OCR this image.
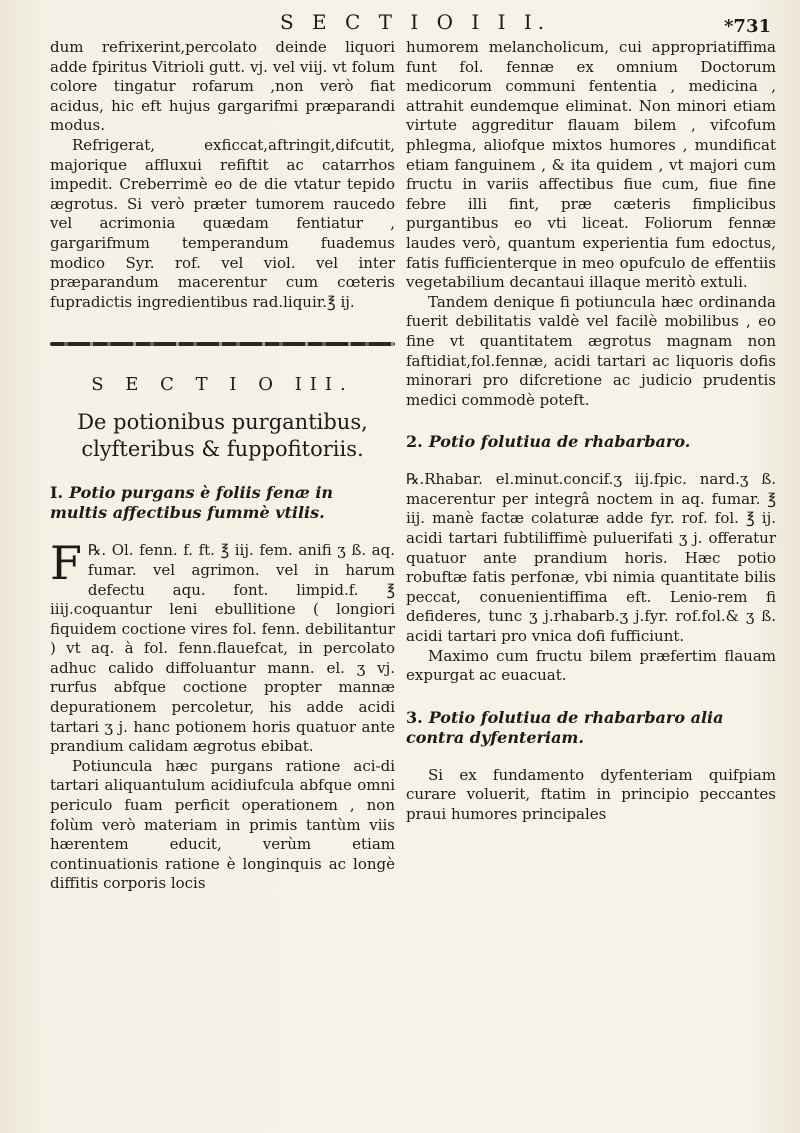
S E C T I O I I I.	*731

dum refrixerint,percolato deinde liquori adde fpiritus Vitrioli gutt. vj. vel viij. vt folum colore tingatur rofarum ,non verò fiat acidus, hic eft hujus gargarifmi præparandi modus.

Refrigerat, exficcat,aftringit,difcutit, majorique affluxui refiftit ac catarrhos impedit. Creberrimè eo de die vtatur tepido ægrotus. Si verò præter tumorem raucedo vel acrimonia quædam fentiatur , gargarifmum temperandum fuademus modico Syr. rof. vel viol. vel inter præparandum macerentur cum cœteris fupradictis ingredientibus rad.liquir.℥ ij.

S E C T I O III.

De potionibus purgantibus, clyfteribus & fuppofitoriis.

I. Potio purgans è foliis fenæ in multis affectibus fummè vtilis.

F ℞. Ol. fenn. f. ft. ℥ iij. fem. anifi ʒ ß. aq. fumar. vel agrimon. vel in harum defectu aqu. font. limpid.f. ℥ iiij.coquantur leni ebullitione ( longiori fiquidem coctione vires fol. fenn. debilitantur ) vt aq. à fol. fenn.flauefcat, in percolato adhuc calido diffoluantur mann. el. ʒ vj. rurfus abfque coctione propter mannæ depurationem percoletur, his adde acidi tartari ʒ j. hanc potionem horis quatuor ante prandium calidam ægrotus ebibat.

Potiuncula hæc purgans ratione aci-di tartari aliquantulum acidiufcula abfque omni periculo fuam perficit operationem , non folùm verò materiam in primis tantùm viis hærentem educit, verùm etiam continuationis ratione è longinquis ac longè diffitis corporis locis

humorem melancholicum, cui appropriatiffima funt fol. fennæ ex omnium Doctorum medicorum communi fententia , medicina , attrahit eundemque eliminat. Non minori etiam virtute aggreditur flauam bilem , vifcofum phlegma, aliofque mixtos humores , mundificat etiam fanguinem , & ita quidem , vt majori cum fructu in variis affectibus fiue cum, fiue fine febre illi fint, præ cæteris fimplicibus purgantibus eo vti liceat. Foliorum fennæ laudes verò, quantum experientia fum edoctus, fatis fufficienterque in meo opufculo de effentiis vegetabilium decantaui illaque meritò extuli.

Tandem denique fi potiuncula hæc ordinanda fuerit debilitatis valdè vel facilè mobilibus , eo fine vt quantitatem ægrotus magnam non faftidiat,fol.fennæ, acidi tartari ac liquoris dofis minorari pro difcretione ac judicio prudentis medici commodè poteft.

2. Potio folutiua de rhabarbaro.

℞.Rhabar. el.minut.concif.ʒ iij.fpic. nard.ʒ ß. macerentur per integrâ noctem in aq. fumar. ℥ iij. manè factæ colaturæ adde fyr. rof. fol. ℥ ij. acidi tartari fubtiliffimè puluerifati ʒ j. offeratur quatuor ante prandium horis. Hæc potio robuftæ fatis perfonæ, vbi nimia quantitate bilis peccat, conuenientiffima eft. Lenio-rem fi defideres, tunc ʒ j.rhabarb.ʒ j.fyr. rof.fol.& ʒ ß. acidi tartari pro vnica dofi fufficiunt.

Maximo cum fructu bilem præfertim flauam expurgat ac euacuat.

3. Potio folutiua de rhabarbaro alia contra dyfenteriam.

Si ex fundamento dyfenteriam quifpiam curare voluerit, ftatim in principio peccantes praui humores principales
